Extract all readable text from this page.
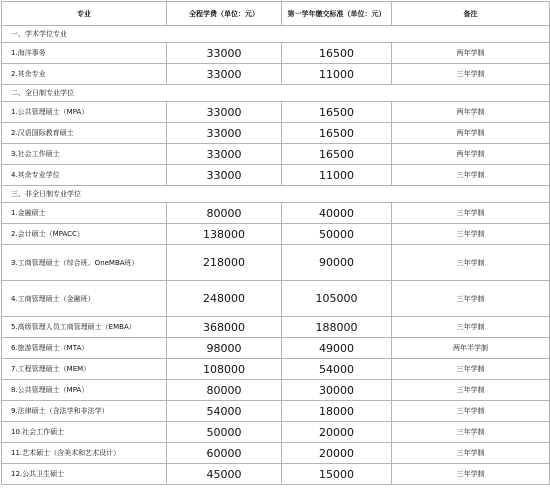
专业	全程学费（单位：元）	第一学年缴交标准（单位：元）	备注
一、学术学位专业			
1.海洋事务	33000	16500	两年学制
2.其余专业	33000	11000	三年学制
二、全日制专业学位			
1.公共管理硕士（MPA）	33000	16500	两年学制
2.汉语国际教育硕士	33000	16500	两年学制
3.社会工作硕士	33000	16500	两年学制
4.其余专业学位	33000	11000	三年学制
三、非全日制专业学位			
1.金融硕士	80000	40000	三年学制
2.会计硕士（MPACC）	138000	50000	三年学制
3.工商管理硕士（综合班、OneMBA班）	218000	90000	三年学制
4.工商管理硕士（金融班）	248000	105000	三年学制
5.高级管理人员工商管理硕士（EMBA）	368000	188000	三年学制
6.旅游管理硕士（MTA）	98000	49000	两年半学制
7.工程管理硕士（MEM）	108000	54000	三年学制
8.公共管理硕士（MPA）	80000	30000	三年学制
9.法律硕士（含法学和非法学）	54000	18000	三年学制
10.社会工作硕士	50000	20000	三年学制
11.艺术硕士（含美术和艺术设计）	60000	20000	三年学制
12.公共卫生硕士	45000	15000	三年学制
